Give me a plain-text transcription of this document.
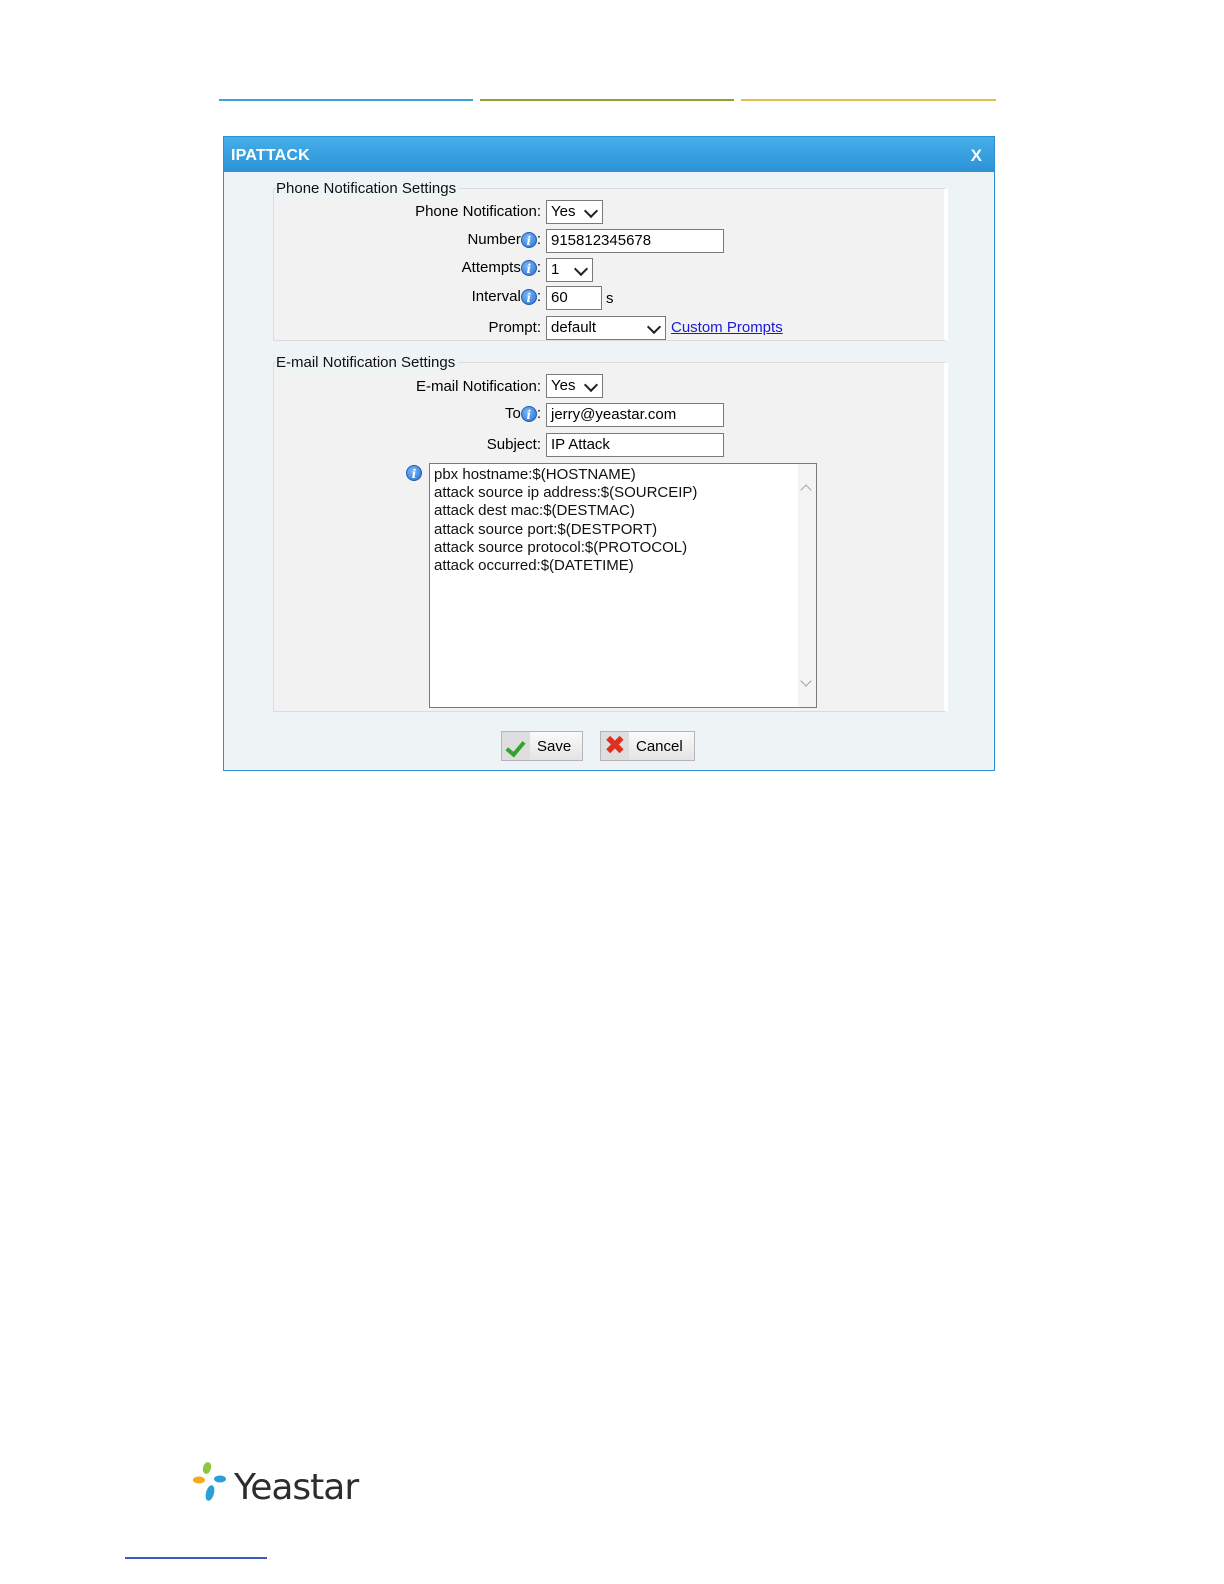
IPATTACK	X
Phone Notification Settings
Phone Notification: Yes
Number i : 915812345678
Attempts i : 1
Interval i : 60	s
Prompt: default	Custom Prompts
E-mail Notification Settings
E-mail Notification: Yes
To i : jerry@yeastar.com
Subject: IP Attack
i	pbx hostname:$(HOSTNAME)
attack source ip address:$(SOURCEIP)
attack dest mac:$(DESTMAC)
attack source port:$(DESTPORT)
attack source protocol:$(PROTOCOL)
attack occurred:$(DATETIME)
Save ✖ Cancel
Yeastar
